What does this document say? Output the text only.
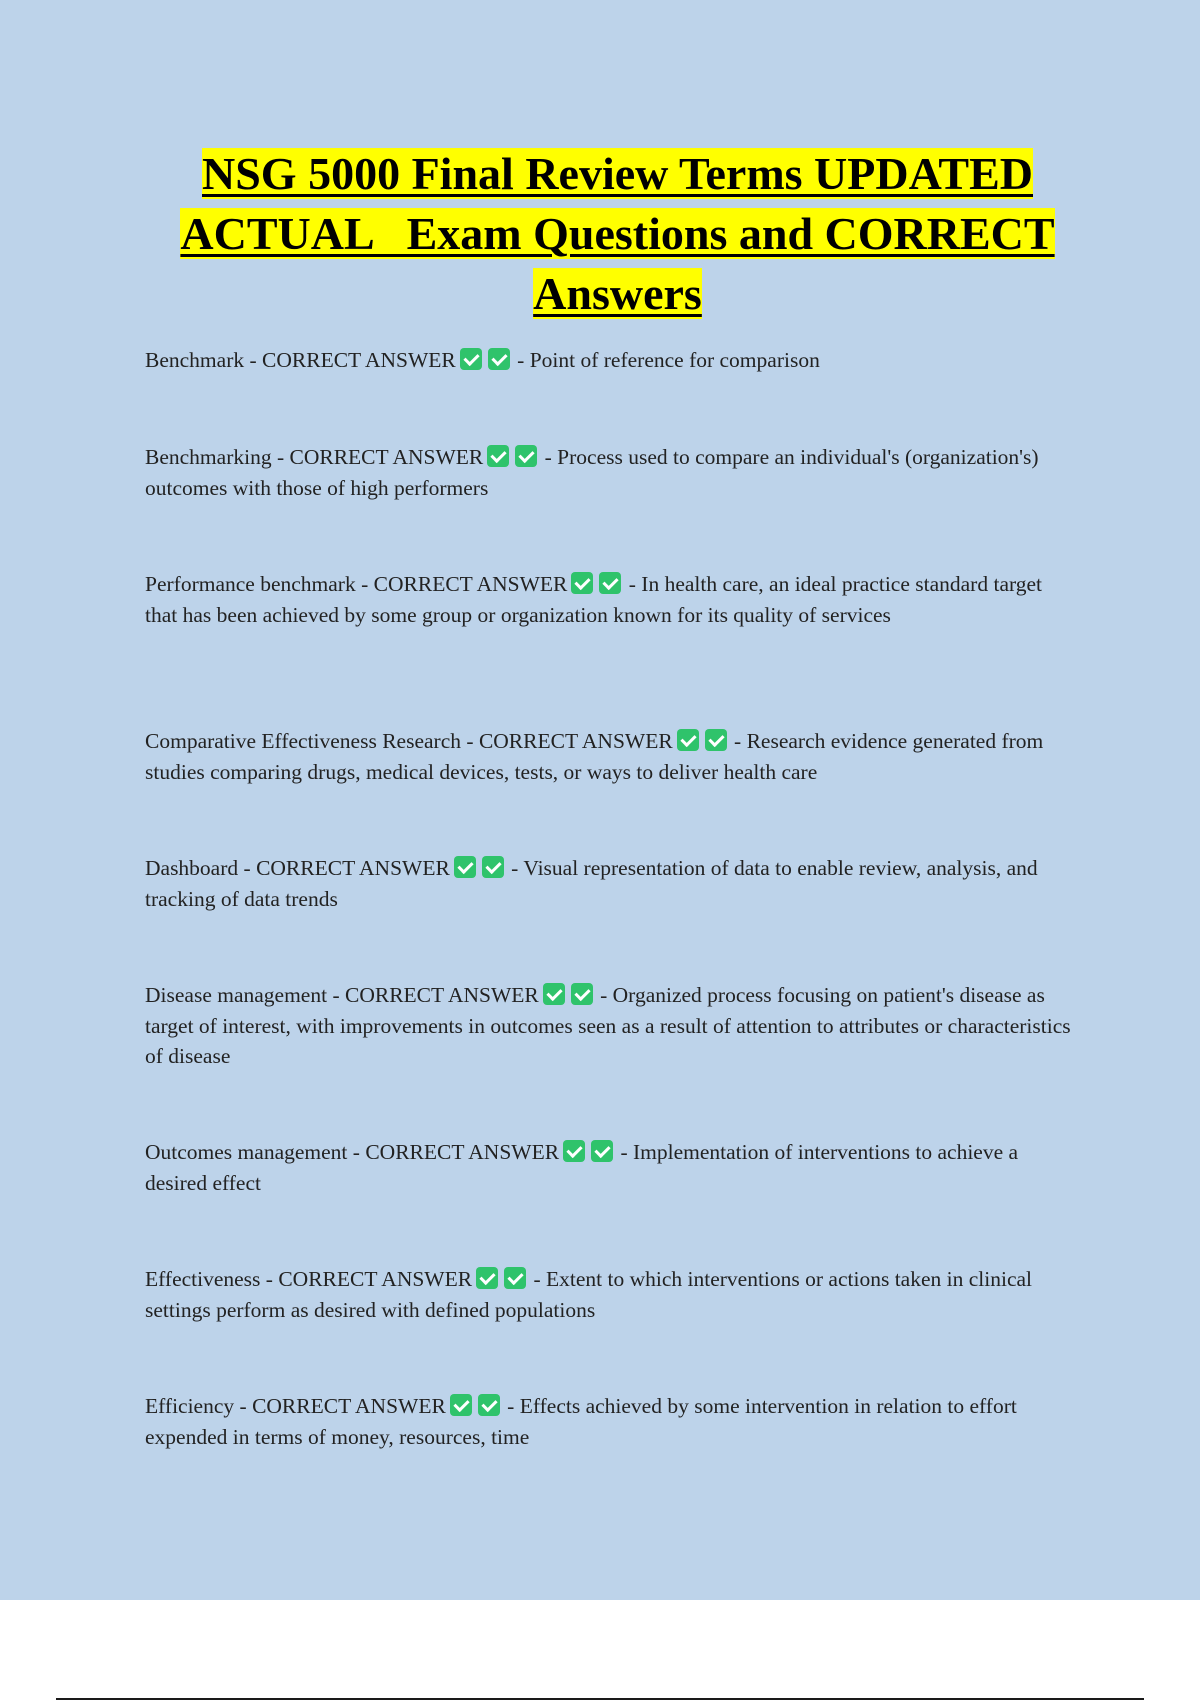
NSG 5000 Final Review Terms UPDATED
ACTUAL   Exam Questions and CORRECT
Answers
Benchmark - CORRECT ANSWER	- Point of reference for comparison
Benchmarking - CORRECT ANSWER	- Process used to compare an individual's (organization's) outcomes with those of high performers
Performance benchmark - CORRECT ANSWER	- In health care, an ideal practice standard target that has been achieved by some group or organization known for its quality of services
Comparative Effectiveness Research - CORRECT ANSWER	- Research evidence generated from studies comparing drugs, medical devices, tests, or ways to deliver health care
Dashboard - CORRECT ANSWER	- Visual representation of data to enable review, analysis, and tracking of data trends
Disease management - CORRECT ANSWER	- Organized process focusing on patient's disease as target of interest, with improvements in outcomes seen as a result of attention to attributes or characteristics of disease
Outcomes management - CORRECT ANSWER	- Implementation of interventions to achieve a desired effect
Effectiveness - CORRECT ANSWER	- Extent to which interventions or actions taken in clinical settings perform as desired with defined populations
Efficiency - CORRECT ANSWER	- Effects achieved by some intervention in relation to effort expended in terms of money, resources, time
